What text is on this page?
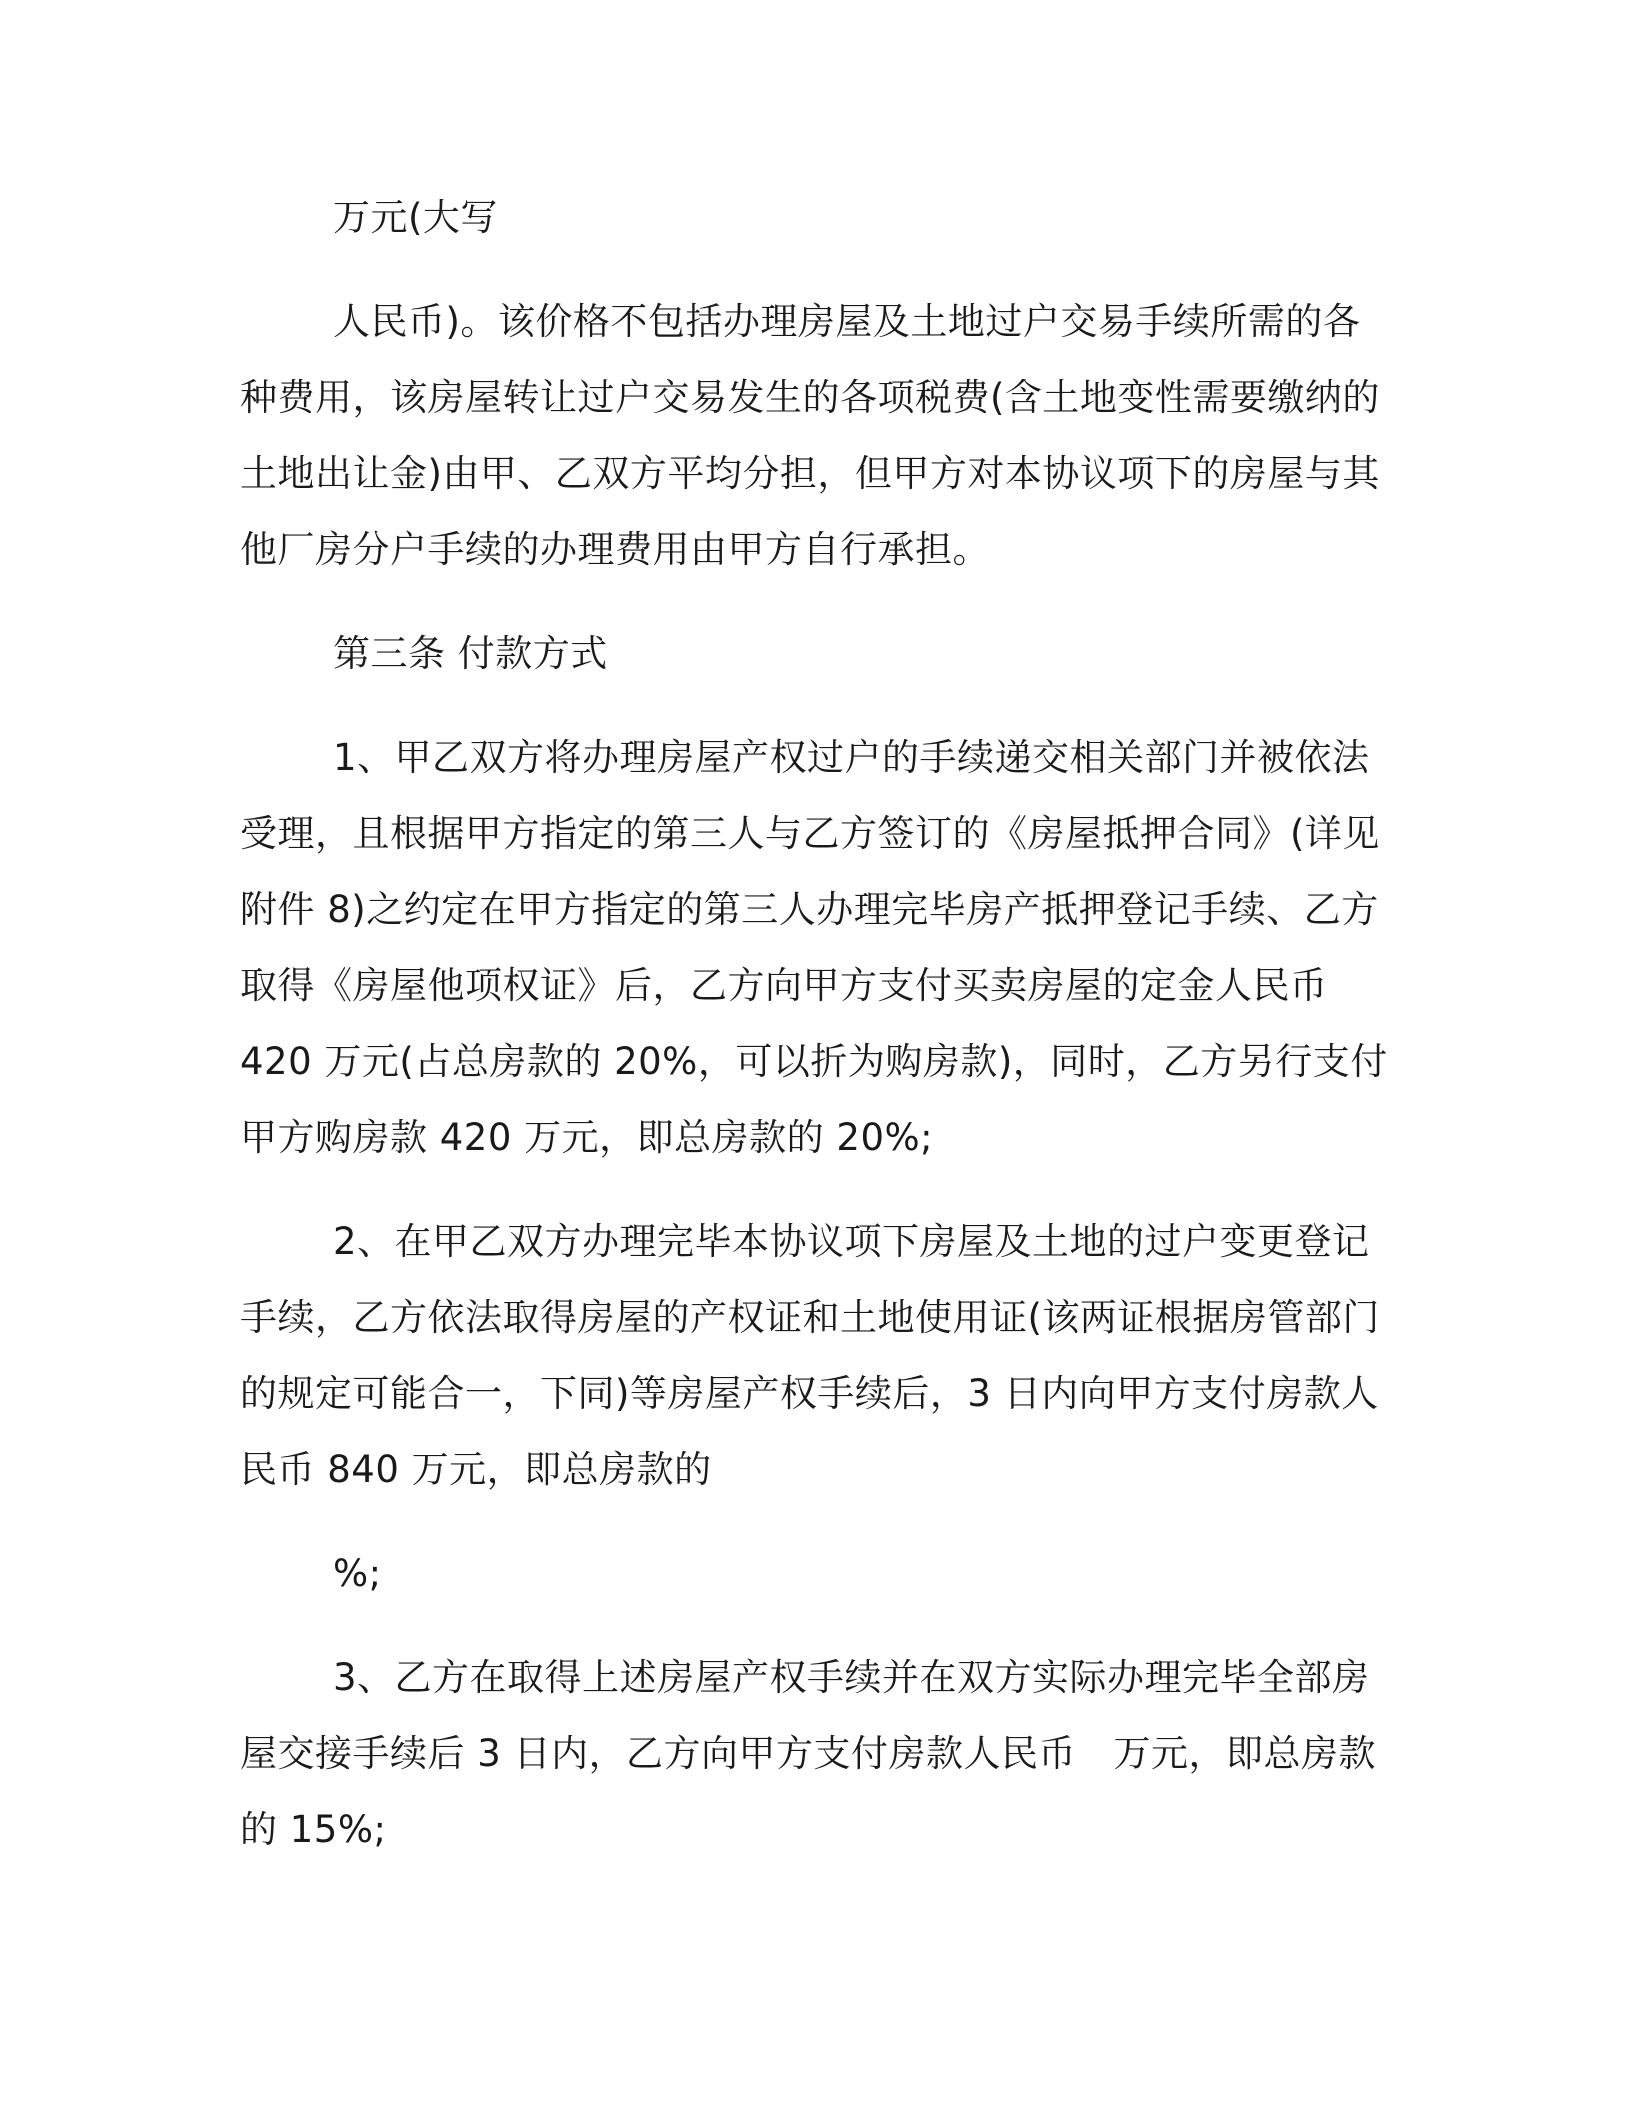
万元(大写

人民币)。该价格不包括办理房屋及土地过户交易手续所需的各

种费用，该房屋转让过户交易发生的各项税费(含土地变性需要缴纳的

土地出让金)由甲、乙双方平均分担，但甲方对本协议项下的房屋与其

他厂房分户手续的办理费用由甲方自行承担。

第三条 付款方式

1、甲乙双方将办理房屋产权过户的手续递交相关部门并被依法

受理，且根据甲方指定的第三人与乙方签订的《房屋抵押合同》(详见

附件 8)之约定在甲方指定的第三人办理完毕房产抵押登记手续、乙方

取得《房屋他项权证》后，乙方向甲方支付买卖房屋的定金人民币

420 万元(占总房款的 20%，可以折为购房款)，同时，乙方另行支付

甲方购房款 420 万元，即总房款的 20%;

2、在甲乙双方办理完毕本协议项下房屋及土地的过户变更登记

手续，乙方依法取得房屋的产权证和土地使用证(该两证根据房管部门

的规定可能合一，下同)等房屋产权手续后，3 日内向甲方支付房款人

民币 840 万元，即总房款的

%;

3、乙方在取得上述房屋产权手续并在双方实际办理完毕全部房

屋交接手续后 3 日内，乙方向甲方支付房款人民币　万元，即总房款

的 15%;
